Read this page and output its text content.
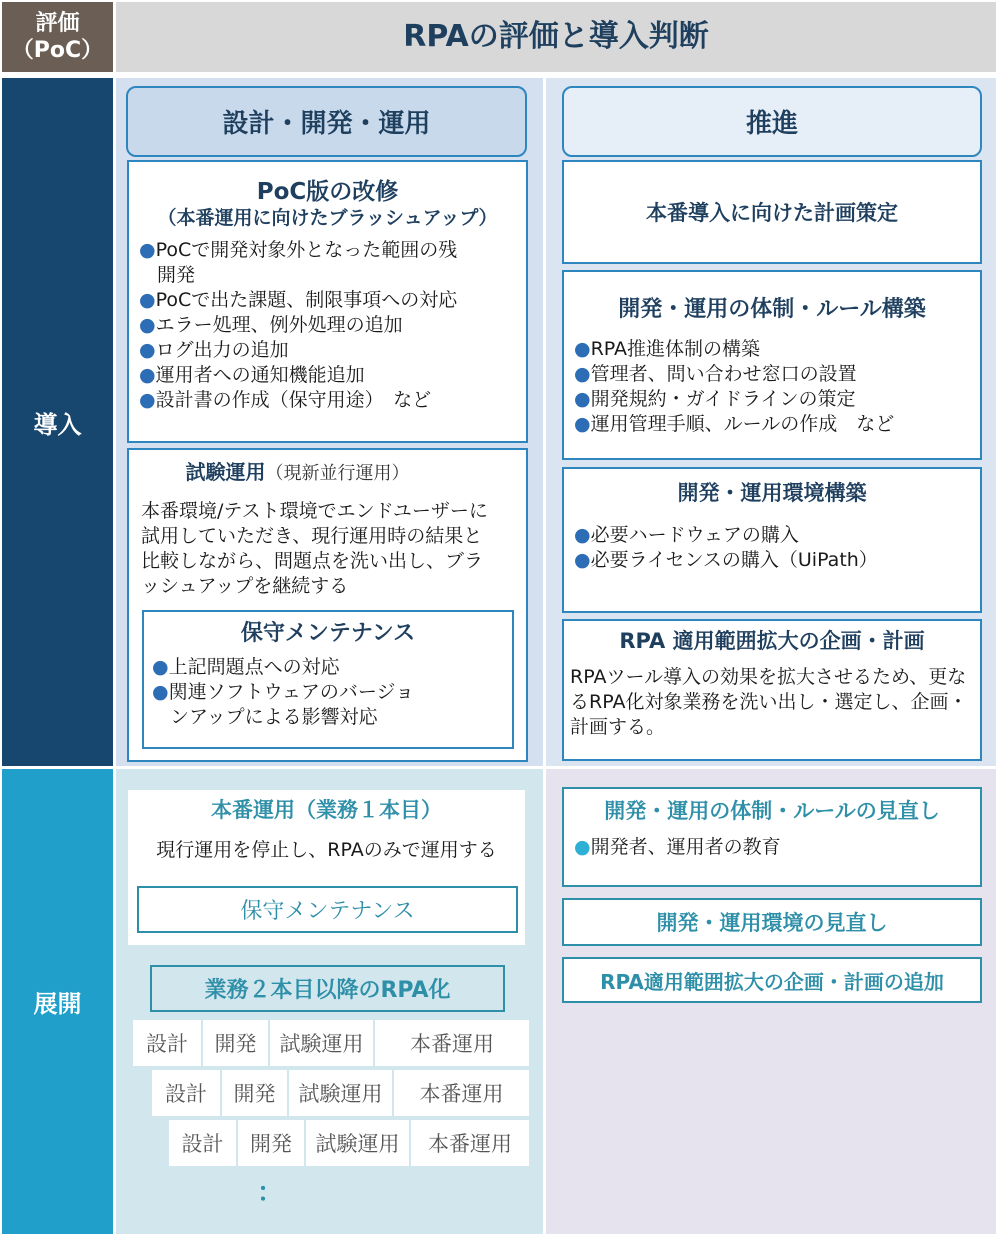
評価
（PoC）	RPAの評価と導入判断
導入
展開
設計・開発・運用	推進
PoC版の改修
（本番運用に向けたブラッシュアップ）
●PoCで開発対象外となった範囲の残開発
●PoCで出た課題、制限事項への対応
●エラー処理、例外処理の追加
●ログ出力の追加
●運用者への通知機能追加
●設計書の作成（保守用途）　など
試験運用（現新並行運用）
本番環境/テスト環境でエンドユーザーに試用していただき、現行運用時の結果と比較しながら、問題点を洗い出し、ブラッシュアップを継続する
保守メンテナンス
●上記問題点への対応
●関連ソフトウェアのバージョンアップによる影響対応
本番導入に向けた計画策定
開発・運用の体制・ルール構築
●RPA推進体制の構築
●管理者、問い合わせ窓口の設置
●開発規約・ガイドラインの策定
●運用管理手順、ルールの作成　など
開発・運用環境構築
●必要ハードウェアの購入
●必要ライセンスの購入（UiPath）
RPA 適用範囲拡大の企画・計画
RPAツール導入の効果を拡大させるため、更なるRPA化対象業務を洗い出し・選定し、企画・計画する。
本番運用（業務１本目）
現行運用を停止し、RPAのみで運用する
保守メンテナンス
業務２本目以降のRPA化
設計	開発	試験運用	本番運用
設計	開発	試験運用	本番運用
設計	開発	試験運用	本番運用
：
開発・運用の体制・ルールの見直し
●開発者、運用者の教育
開発・運用環境の見直し
RPA適用範囲拡大の企画・計画の追加
